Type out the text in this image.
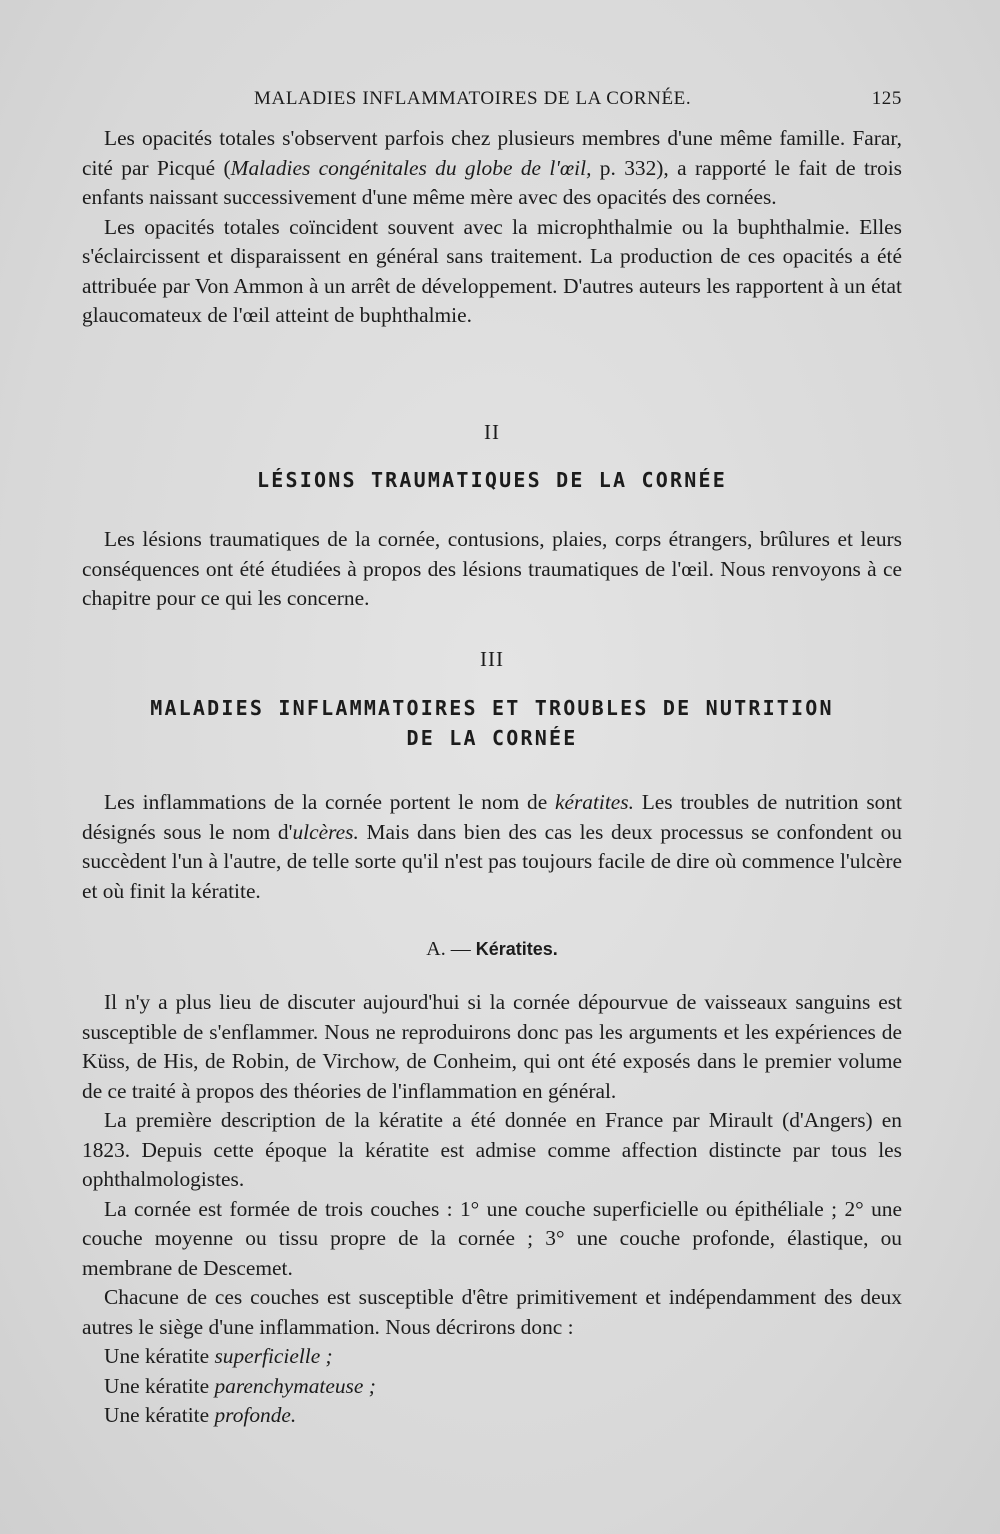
MALADIES INFLAMMATOIRES DE LA CORNÉE.	125

Les opacités totales s'observent parfois chez plusieurs membres d'une même famille. Farar, cité par Picqué (Maladies congénitales du globe de l'œil, p. 332), a rapporté le fait de trois enfants naissant successivement d'une même mère avec des opacités des cornées.

Les opacités totales coïncident souvent avec la microphthalmie ou la buphthalmie. Elles s'éclaircissent et disparaissent en général sans traitement. La production de ces opacités a été attribuée par Von Ammon à un arrêt de développement. D'autres auteurs les rapportent à un état glaucomateux de l'œil atteint de buphthalmie.

II

LÉSIONS TRAUMATIQUES DE LA CORNÉE

Les lésions traumatiques de la cornée, contusions, plaies, corps étrangers, brûlures et leurs conséquences ont été étudiées à propos des lésions traumatiques de l'œil. Nous renvoyons à ce chapitre pour ce qui les concerne.

III

MALADIES INFLAMMATOIRES ET TROUBLES DE NUTRITION

DE LA CORNÉE

Les inflammations de la cornée portent le nom de kératites. Les troubles de nutrition sont désignés sous le nom d'ulcères. Mais dans bien des cas les deux processus se confondent ou succèdent l'un à l'autre, de telle sorte qu'il n'est pas toujours facile de dire où commence l'ulcère et où finit la kératite.

A. — Kératites.

Il n'y a plus lieu de discuter aujourd'hui si la cornée dépourvue de vaisseaux sanguins est susceptible de s'enflammer. Nous ne reproduirons donc pas les arguments et les expériences de Küss, de His, de Robin, de Virchow, de Conheim, qui ont été exposés dans le premier volume de ce traité à propos des théories de l'inflammation en général.

La première description de la kératite a été donnée en France par Mirault (d'Angers) en 1823. Depuis cette époque la kératite est admise comme affection distincte par tous les ophthalmologistes.

La cornée est formée de trois couches : 1° une couche superficielle ou épithéliale ; 2° une couche moyenne ou tissu propre de la cornée ; 3° une couche profonde, élastique, ou membrane de Descemet.

Chacune de ces couches est susceptible d'être primitivement et indépendamment des deux autres le siège d'une inflammation. Nous décrirons donc :

Une kératite superficielle ;

Une kératite parenchymateuse ;

Une kératite profonde.
